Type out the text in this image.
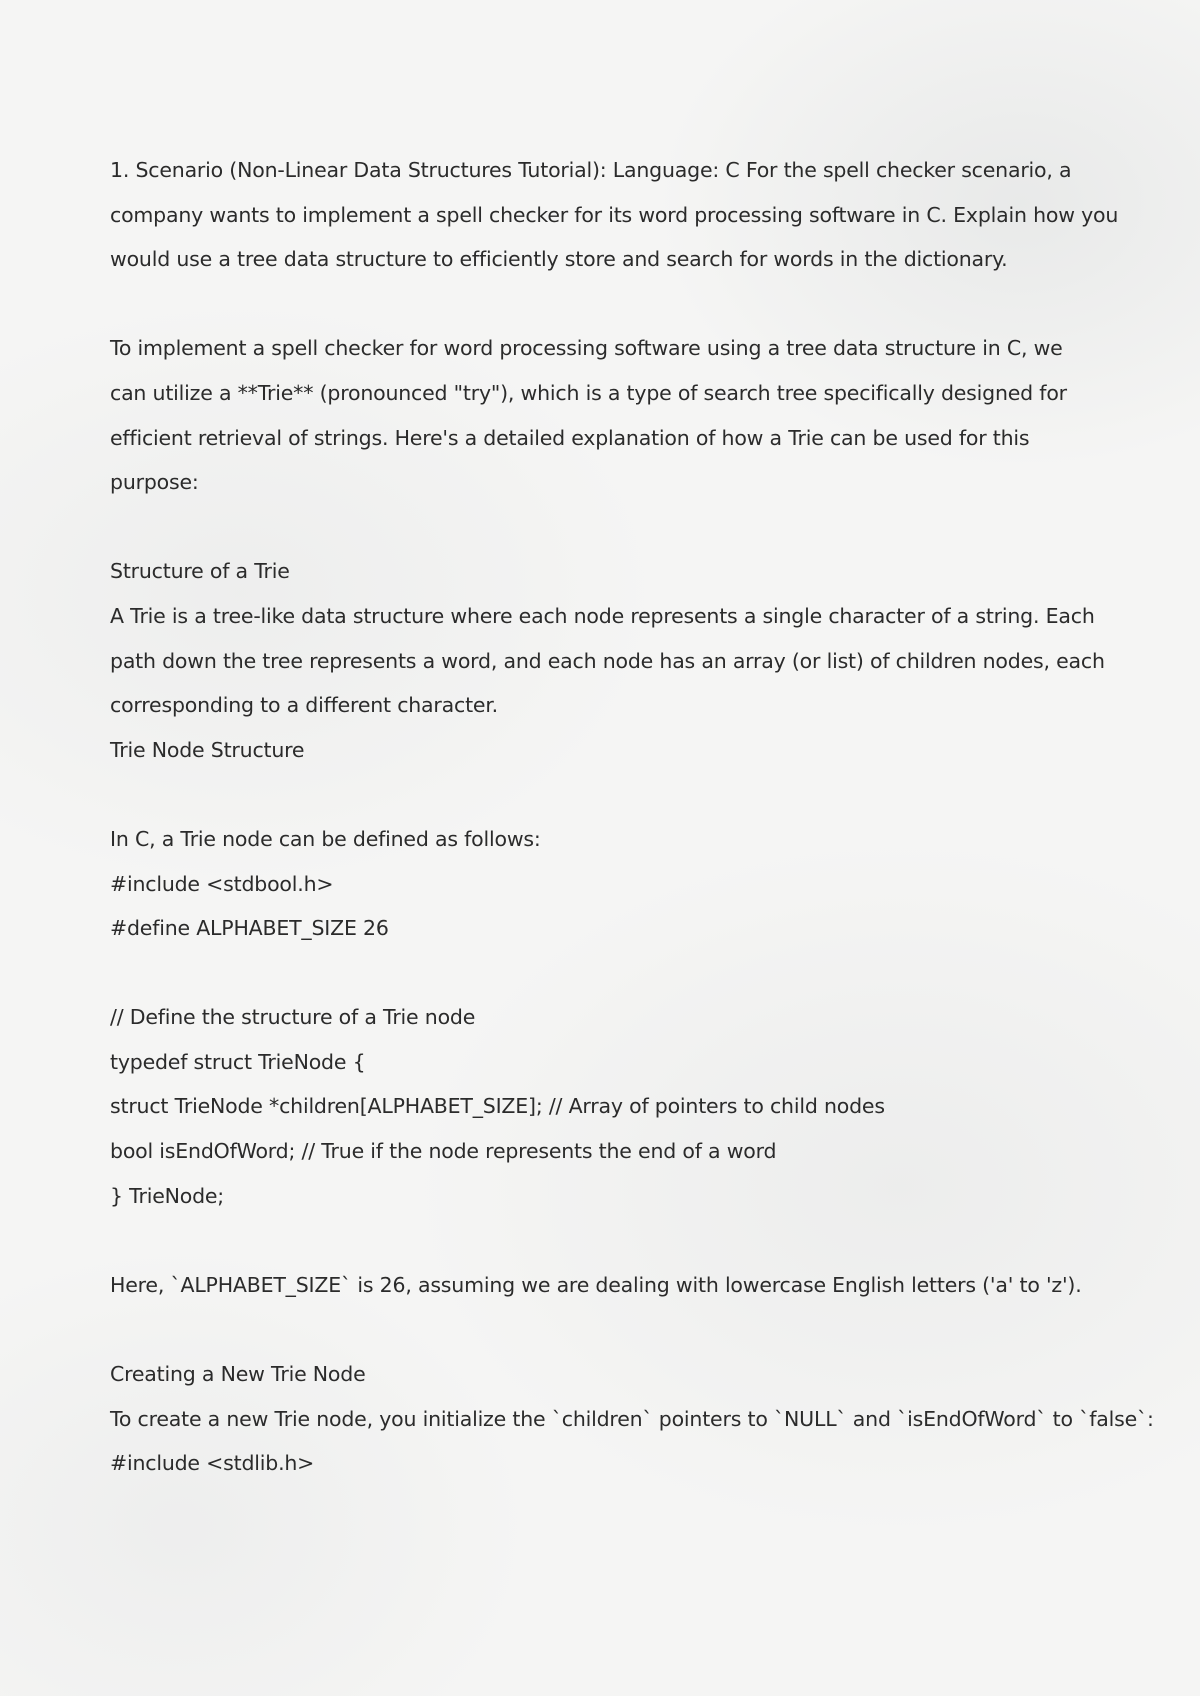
1. Scenario (Non-Linear Data Structures Tutorial): Language: C For the spell checker scenario, a
company wants to implement a spell checker for its word processing software in C. Explain how you
would use a tree data structure to efficiently store and search for words in the dictionary.
To implement a spell checker for word processing software using a tree data structure in C, we
can utilize a **Trie** (pronounced "try"), which is a type of search tree specifically designed for
efficient retrieval of strings. Here's a detailed explanation of how a Trie can be used for this
purpose:
Structure of a Trie
A Trie is a tree-like data structure where each node represents a single character of a string. Each
path down the tree represents a word, and each node has an array (or list) of children nodes, each
corresponding to a different character.
Trie Node Structure
In C, a Trie node can be defined as follows:
#include <stdbool.h>
#define ALPHABET_SIZE 26
// Define the structure of a Trie node
typedef struct TrieNode {
struct TrieNode *children[ALPHABET_SIZE]; // Array of pointers to child nodes
bool isEndOfWord; // True if the node represents the end of a word
} TrieNode;
Here, `ALPHABET_SIZE` is 26, assuming we are dealing with lowercase English letters ('a' to 'z').
Creating a New Trie Node
To create a new Trie node, you initialize the `children` pointers to `NULL` and `isEndOfWord` to `false`:
#include <stdlib.h>
